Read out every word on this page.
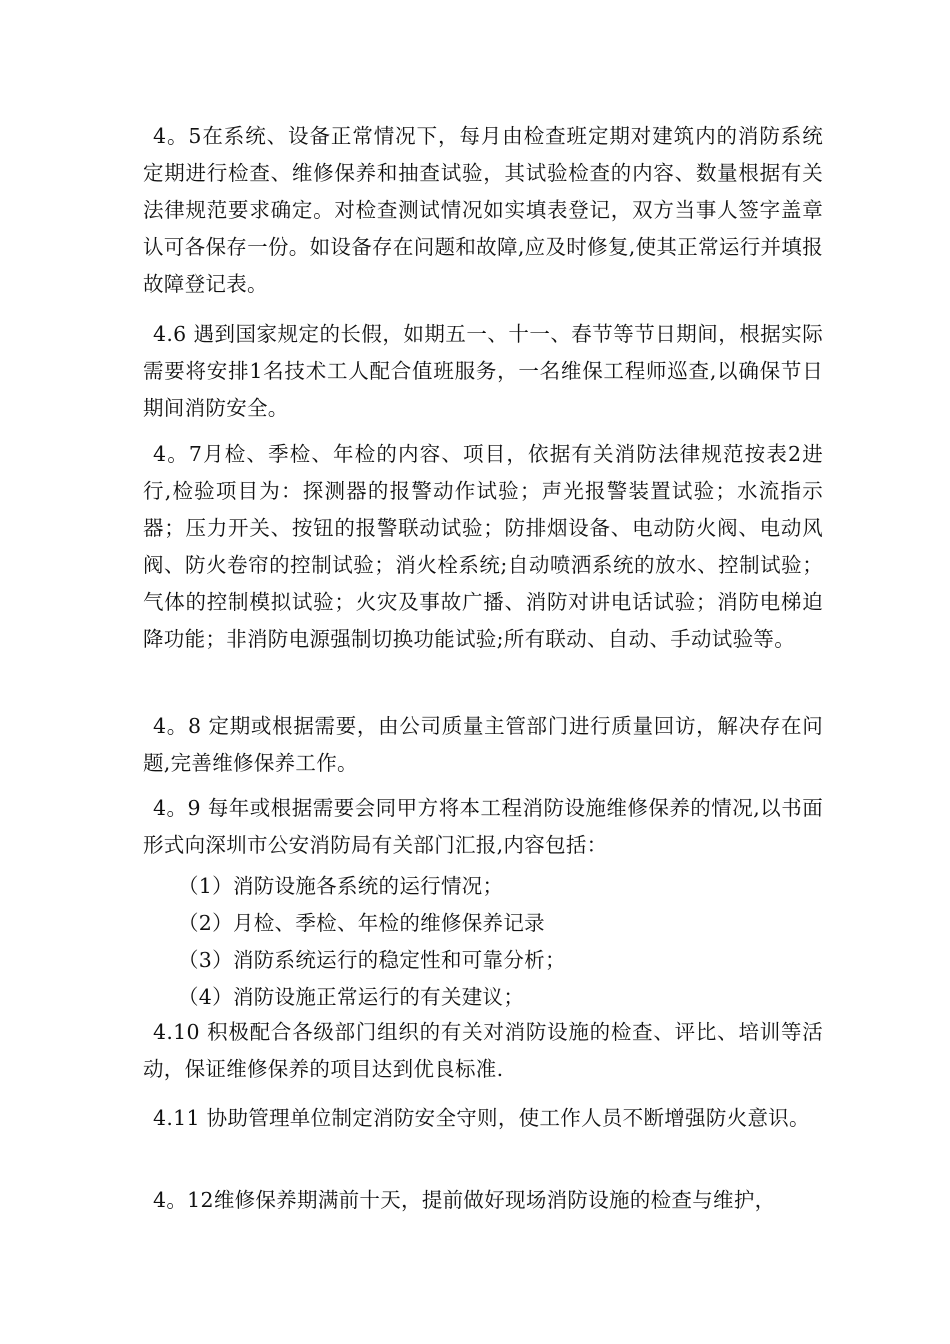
4。5在系统、设备正常情况下，每月由检查班定期对建筑内的消防系统定期进行检查、维修保养和抽查试验，其试验检查的内容、数量根据有关法律规范要求确定。对检查测试情况如实填表登记，双方当事人签字盖章认可各保存一份。如设备存在问题和故障,应及时修复,使其正常运行并填报故障登记表。

4.6 遇到国家规定的长假，如期五一、十一、春节等节日期间，根据实际需要将安排1名技术工人配合值班服务，一名维保工程师巡查,以确保节日期间消防安全。

4。7月检、季检、年检的内容、项目，依据有关消防法律规范按表2进行,检验项目为：探测器的报警动作试验；声光报警装置试验；水流指示器；压力开关、按钮的报警联动试验；防排烟设备、电动防火阀、电动风阀、防火卷帘的控制试验；消火栓系统;自动喷洒系统的放水、控制试验；气体的控制模拟试验；火灾及事故广播、消防对讲电话试验；消防电梯迫降功能；非消防电源强制切换功能试验;所有联动、自动、手动试验等。

4。8 定期或根据需要，由公司质量主管部门进行质量回访，解决存在问题,完善维修保养工作。

4。9 每年或根据需要会同甲方将本工程消防设施维修保养的情况,以书面形式向深圳市公安消防局有关部门汇报,内容包括：

（1）消防设施各系统的运行情况；

（2）月检、季检、年检的维修保养记录

（3）消防系统运行的稳定性和可靠分析；

（4）消防设施正常运行的有关建议；

4.10 积极配合各级部门组织的有关对消防设施的检查、评比、培训等活动，保证维修保养的项目达到优良标准.

4.11 协助管理单位制定消防安全守则，使工作人员不断增强防火意识。

4。12维修保养期满前十天，提前做好现场消防设施的检查与维护，
